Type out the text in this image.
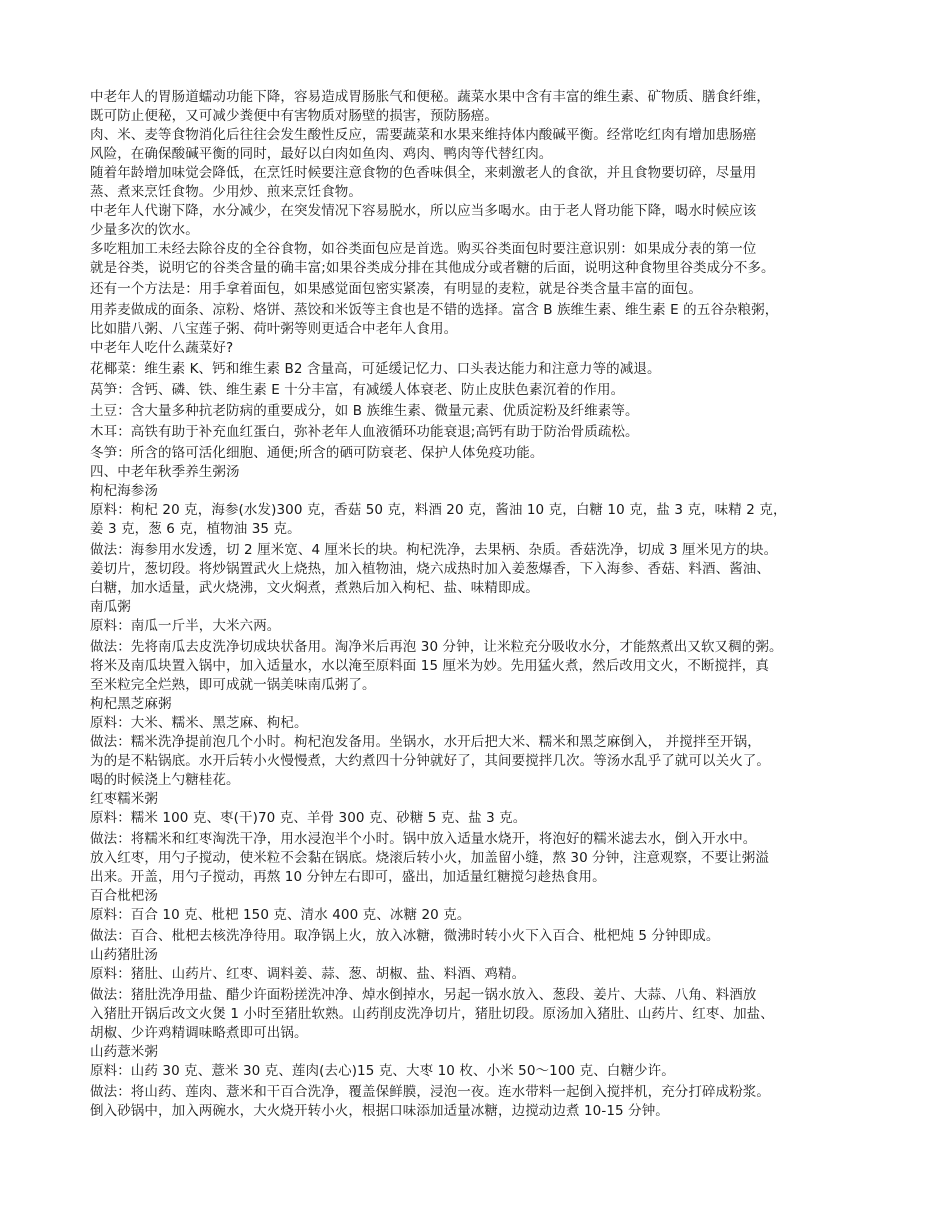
中老年人的胃肠道蠕动功能下降，容易造成胃肠胀气和便秘。蔬菜水果中含有丰富的维生素、矿物质、膳食纤维，
既可防止便秘，又可减少粪便中有害物质对肠壁的损害，预防肠癌。

肉、米、麦等食物消化后往往会发生酸性反应，需要蔬菜和水果来维持体内酸碱平衡。经常吃红肉有增加患肠癌
风险，在确保酸碱平衡的同时，最好以白肉如鱼肉、鸡肉、鸭肉等代替红肉。

随着年龄增加味觉会降低，在烹饪时候要注意食物的色香味俱全，来刺激老人的食欲，并且食物要切碎，尽量用
蒸、煮来烹饪食物。少用炒、煎来烹饪食物。

中老年人代谢下降，水分减少，在突发情况下容易脱水，所以应当多喝水。由于老人肾功能下降，喝水时候应该
少量多次的饮水。

多吃粗加工未经去除谷皮的全谷食物，如谷类面包应是首选。购买谷类面包时要注意识别：如果成分表的第一位
就是谷类，说明它的谷类含量的确丰富;如果谷类成分排在其他成分或者糖的后面，说明这种食物里谷类成分不多。

还有一个方法是：用手拿着面包，如果感觉面包密实紧凑，有明显的麦粒，就是谷类含量丰富的面包。

用荞麦做成的面条、凉粉、烙饼、蒸饺和米饭等主食也是不错的选择。富含 B 族维生素、维生素 E 的五谷杂粮粥，
比如腊八粥、八宝莲子粥、荷叶粥等则更适合中老年人食用。

中老年人吃什么蔬菜好?

花椰菜：维生素 K、钙和维生素 B2 含量高，可延缓记忆力、口头表达能力和注意力等的减退。

莴笋：含钙、磷、铁、维生素 E 十分丰富，有减缓人体衰老、防止皮肤色素沉着的作用。

土豆：含大量多种抗老防病的重要成分，如 B 族维生素、微量元素、优质淀粉及纤维素等。

木耳：高铁有助于补充血红蛋白，弥补老年人血液循环功能衰退;高钙有助于防治骨质疏松。

冬笋：所含的铬可活化细胞、通便;所含的硒可防衰老、保护人体免疫功能。

四、中老年秋季养生粥汤

枸杞海参汤

原料：枸杞 20 克，海参(水发)300 克，香菇 50 克，料酒 20 克，酱油 10 克，白糖 10 克，盐 3 克，味精 2 克，
姜 3 克，葱 6 克，植物油 35 克。

做法：海参用水发透，切 2 厘米宽、4 厘米长的块。枸杞洗净，去果柄、杂质。香菇洗净，切成 3 厘米见方的块。
姜切片，葱切段。将炒锅置武火上烧热，加入植物油，烧六成热时加入姜葱爆香，下入海参、香菇、料酒、酱油、
白糖，加水适量，武火烧沸，文火焖煮，煮熟后加入枸杞、盐、味精即成。

南瓜粥

原料：南瓜一斤半，大米六两。

做法：先将南瓜去皮洗净切成块状备用。淘净米后再泡 30 分钟，让米粒充分吸收水分，才能熬煮出又软又稠的粥。
将米及南瓜块置入锅中，加入适量水，水以淹至原料面 15 厘米为妙。先用猛火煮，然后改用文火，不断搅拌，真
至米粒完全烂熟，即可成就一锅美味南瓜粥了。

枸杞黑芝麻粥

原料：大米、糯米、黑芝麻、枸杞。

做法：糯米洗净提前泡几个小时。枸杞泡发备用。坐锅水，水开后把大米、糯米和黑芝麻倒入， 并搅拌至开锅，
为的是不粘锅底。水开后转小火慢慢煮，大约煮四十分钟就好了，其间要搅拌几次。等汤水乱乎了就可以关火了。
喝的时候浇上勺糖桂花。

红枣糯米粥

原料：糯米 100 克、枣(干)70 克、羊骨 300 克、砂糖 5 克、盐 3 克。

做法：将糯米和红枣淘洗干净，用水浸泡半个小时。锅中放入适量水烧开，将泡好的糯米滤去水，倒入开水中。
放入红枣，用勺子搅动，使米粒不会黏在锅底。烧滚后转小火，加盖留小缝，熬 30 分钟，注意观察，不要让粥溢
出来。开盖，用勺子搅动，再熬 10 分钟左右即可，盛出，加适量红糖搅匀趁热食用。

百合枇杷汤

原料：百合 10 克、枇杷 150 克、清水 400 克、冰糖 20 克。

做法：百合、枇杷去核洗净待用。取净锅上火，放入冰糖，微沸时转小火下入百合、枇杷炖 5 分钟即成。

山药猪肚汤

原料：猪肚、山药片、红枣、调料姜、蒜、葱、胡椒、盐、料酒、鸡精。

做法：猪肚洗净用盐、醋少许面粉搓洗冲净、焯水倒掉水，另起一锅水放入、葱段、姜片、大蒜、八角、料酒放
入猪肚开锅后改文火煲 1 小时至猪肚软熟。山药削皮洗净切片，猪肚切段。原汤加入猪肚、山药片、红枣、加盐、
胡椒、少许鸡精调味略煮即可出锅。

山药薏米粥

原料：山药 30 克、薏米 30 克、莲肉(去心)15 克、大枣 10 枚、小米 50～100 克、白糖少许。

做法：将山药、莲肉、薏米和干百合洗净，覆盖保鲜膜，浸泡一夜。连水带料一起倒入搅拌机，充分打碎成粉浆。
倒入砂锅中，加入两碗水，大火烧开转小火，根据口味添加适量冰糖，边搅动边煮 10-15 分钟。
